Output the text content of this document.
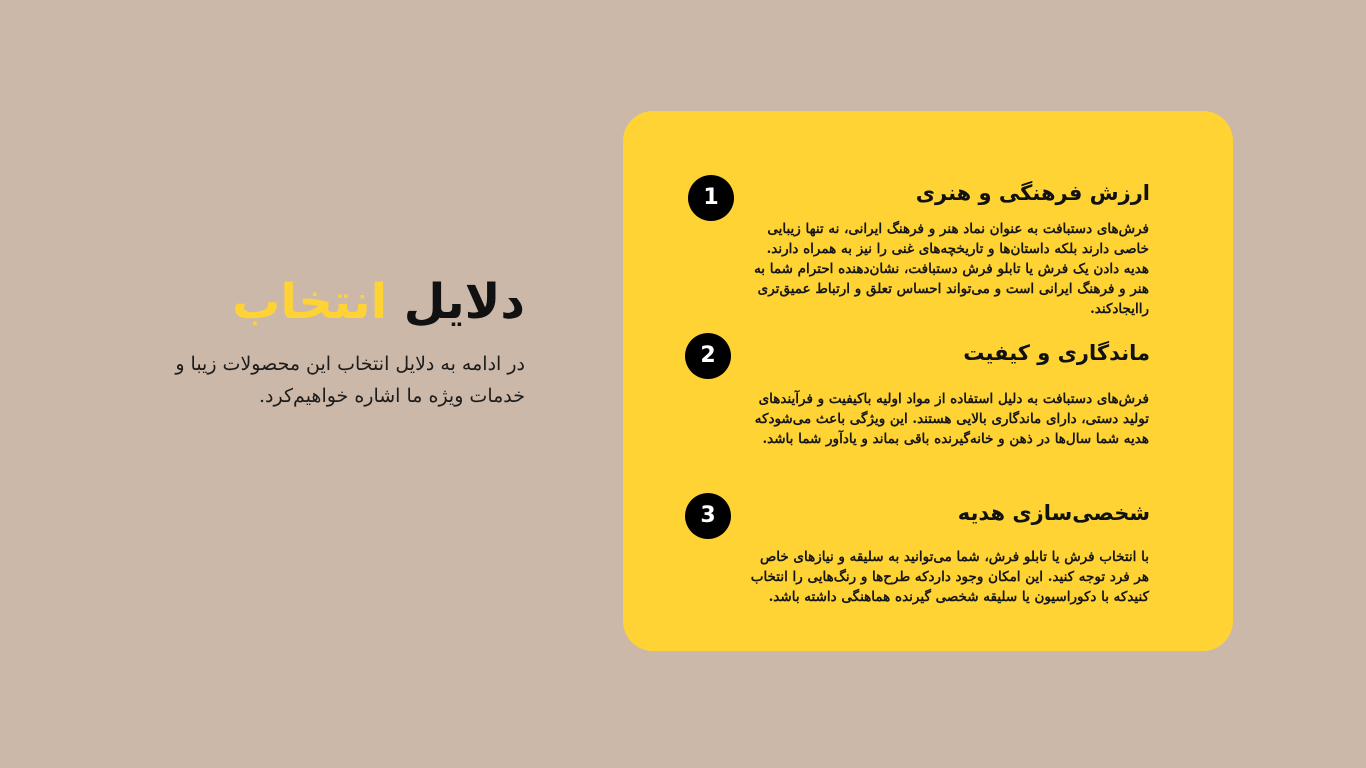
دلایل انتخاب

در ادامه به دلایل انتخاب این محصولات زیبا و خدمات ویژه ما اشاره خواهیم‌کرد.

1	ارزش فرهنگی و هنری

فرش‌های دستبافت به عنوان نماد هنر و فرهنگ ایرانی، نه تنها زیبایی خاصی دارند بلکه داستان‌ها و تاریخچه‌های غنی را نیز به همراه دارند. هدیه دادن یک فرش یا تابلو فرش دستبافت، نشان‌دهنده احترام شما به هنر و فرهنگ ایرانی است و می‌تواند احساس تعلق و ارتباط عمیق‌تری راایجادکند.

2	ماندگاری و کیفیت

فرش‌های دستبافت به دلیل استفاده از مواد اولیه باکیفیت و فرآیندهای تولید دستی، دارای ماندگاری بالایی هستند. این ویژگی باعث می‌شودکه هدیه شما سال‌ها در ذهن و خانه‌گیرنده باقی بماند و یادآور شما باشد.

3	شخصی‌سازی هدیه

با انتخاب فرش یا تابلو فرش، شما می‌توانید به سلیقه و نیازهای خاص هر فرد توجه کنید. این امکان وجود داردکه طرح‌ها و رنگ‌هایی را انتخاب کنیدکه با دکوراسیون یا سلیقه شخصی گیرنده هماهنگی داشته باشد.
